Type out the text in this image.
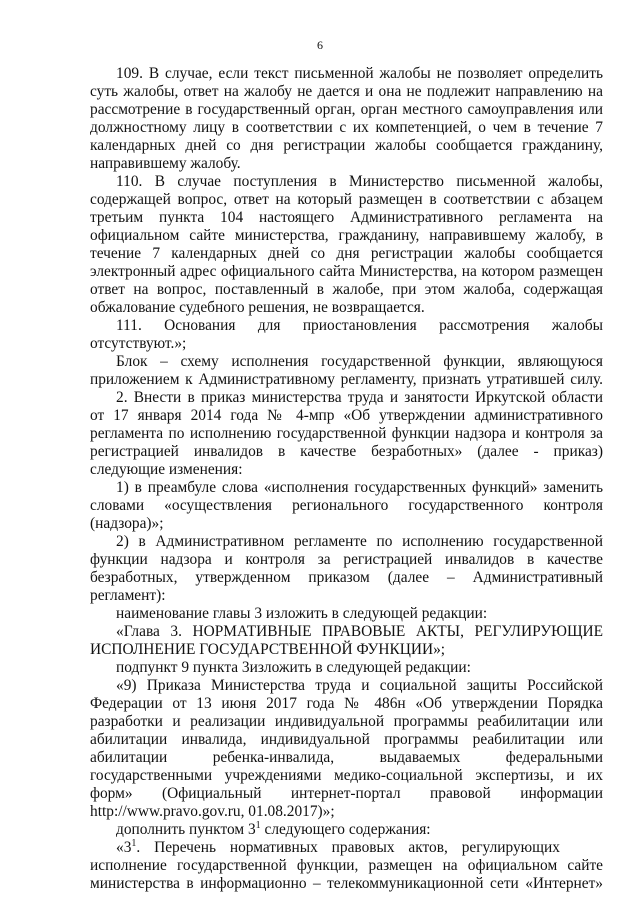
6
109. В случае, если текст письменной жалобы не позволяет определить
суть жалобы, ответ на жалобу не дается и она не подлежит направлению на
рассмотрение в государственный орган, орган местного самоуправления или
должностному лицу в соответствии с их компетенцией, о чем в течение 7
календарных дней со дня регистрации жалобы сообщается гражданину,
направившему жалобу.
110. В случае поступления в Министерство письменной жалобы,
содержащей вопрос, ответ на который размещен в соответствии с абзацем
третьим пункта 104 настоящего Административного регламента на
официальном сайте министерства, гражданину, направившему жалобу, в
течение 7 календарных дней со дня регистрации жалобы сообщается
электронный адрес официального сайта Министерства, на котором размещен
ответ на вопрос, поставленный в жалобе, при этом жалоба, содержащая
обжалование судебного решения, не возвращается.
111. Основания для приостановления рассмотрения жалобы
отсутствуют.»;
Блок – схему исполнения государственной функции, являющуюся
приложением к Административному регламенту, признать утратившей силу.
2. Внести в приказ министерства труда и занятости Иркутской области
от 17 января 2014 года № 4-мпр «Об утверждении административного
регламента по исполнению государственной функции надзора и контроля за
регистрацией инвалидов в качестве безработных» (далее - приказ)
следующие изменения:
1) в преамбуле слова «исполнения государственных функций» заменить
словами «осуществления регионального государственного контроля
(надзора)»;
2) в Административном регламенте по исполнению государственной
функции надзора и контроля за регистрацией инвалидов в качестве
безработных, утвержденном приказом (далее – Административный
регламент):
наименование главы 3 изложить в следующей редакции:
«Глава 3. НОРМАТИВНЫЕ ПРАВОВЫЕ АКТЫ, РЕГУЛИРУЮЩИЕ
ИСПОЛНЕНИЕ ГОСУДАРСТВЕННОЙ ФУНКЦИИ»;
подпункт 9 пункта 3изложить в следующей редакции:
«9) Приказа Министерства труда и социальной защиты Российской
Федерации от 13 июня 2017 года № 486н «Об утверждении Порядка
разработки и реализации индивидуальной программы реабилитации или
абилитации инвалида, индивидуальной программы реабилитации или
абилитации ребенка-инвалида, выдаваемых федеральными
государственными учреждениями медико-социальной экспертизы, и их
форм» (Официальный интернет-портал правовой информации
http://www.pravo.gov.ru, 01.08.2017)»;
дополнить пунктом $3^1$ следующего содержания:
«$3^1$. Перечень нормативных правовых актов, регулирующих
исполнение государственной функции, размещен на официальном сайте
министерства в информационно – телекоммуникационной сети «Интернет»
